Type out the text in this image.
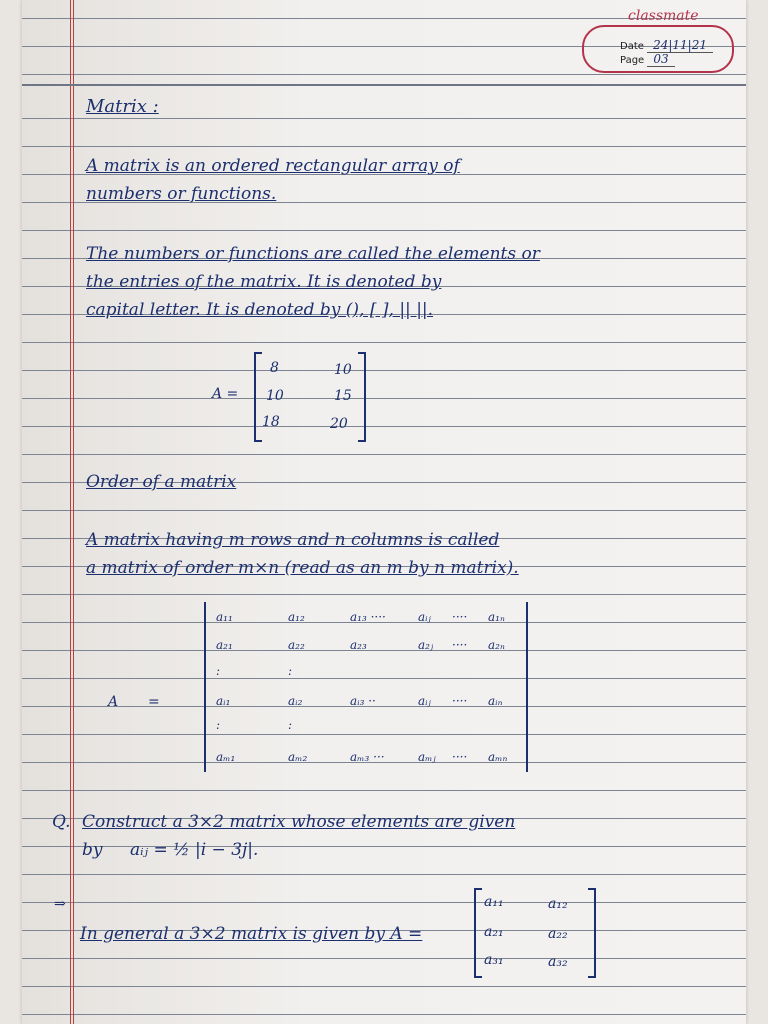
classmate
Date 24|11|21
Page 03
Matrix :
A matrix is an ordered rectangular array of
numbers or functions.
The numbers or functions are called the elements or
the entries of the matrix. It is denoted by
capital letter. It is denoted by (), [ ], || ||.
A =
8	10
10	15
18	20
Order of a matrix
A matrix having m rows and n columns is called
a matrix of order m×n (read as an m by n matrix).
A =
a₁₁	a₁₂	a₁₃ ····	aᵢⱼ ···· a₁ₙ
a₂₁	a₂₂	a₂₃	a₂ⱼ ···· a₂ₙ
:	:
aᵢ₁	aᵢ₂	aᵢ₃ ··	aᵢⱼ ···· aᵢₙ
:	:
aₘ₁	aₘ₂	aₘ₃ ···	aₘⱼ ···· aₘₙ
Q. Construct a 3×2 matrix whose elements are given
by aᵢⱼ = ½ |i − 3j|.
⇒
In general a 3×2 matrix is given by A =
a₁₁	a₁₂
a₂₁	a₂₂
a₃₁	a₃₂
